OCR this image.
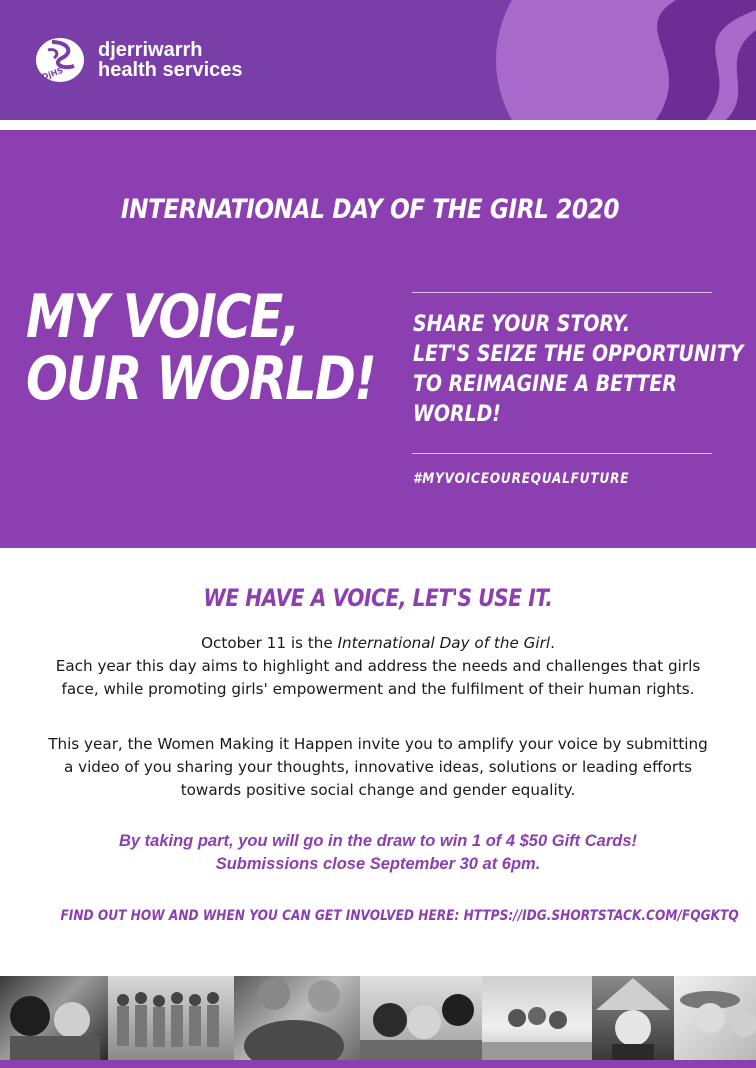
DjHS
djerriwarrh
health services
INTERNATIONAL DAY OF THE GIRL 2020
MY VOICE,
OUR WORLD!
SHARE YOUR STORY.
LET'S SEIZE THE OPPORTUNITY
TO REIMAGINE A BETTER
WORLD!
#MYVOICEOUREQUALFUTURE
WE HAVE A VOICE, LET'S USE IT.
October 11 is the International Day of the Girl.
Each year this day aims to highlight and address the needs and challenges that girls
face, while promoting girls' empowerment and the fulfilment of their human rights.
This year, the Women Making it Happen invite you to amplify your voice by submitting
a video of you sharing your thoughts, innovative ideas, solutions or leading efforts
towards positive social change and gender equality.
By taking part, you will go in the draw to win 1 of 4 $50 Gift Cards!
Submissions close September 30 at 6pm.
FIND OUT HOW AND WHEN YOU CAN GET INVOLVED HERE: HTTPS://IDG.SHORTSTACK.COM/FQGKTQ
